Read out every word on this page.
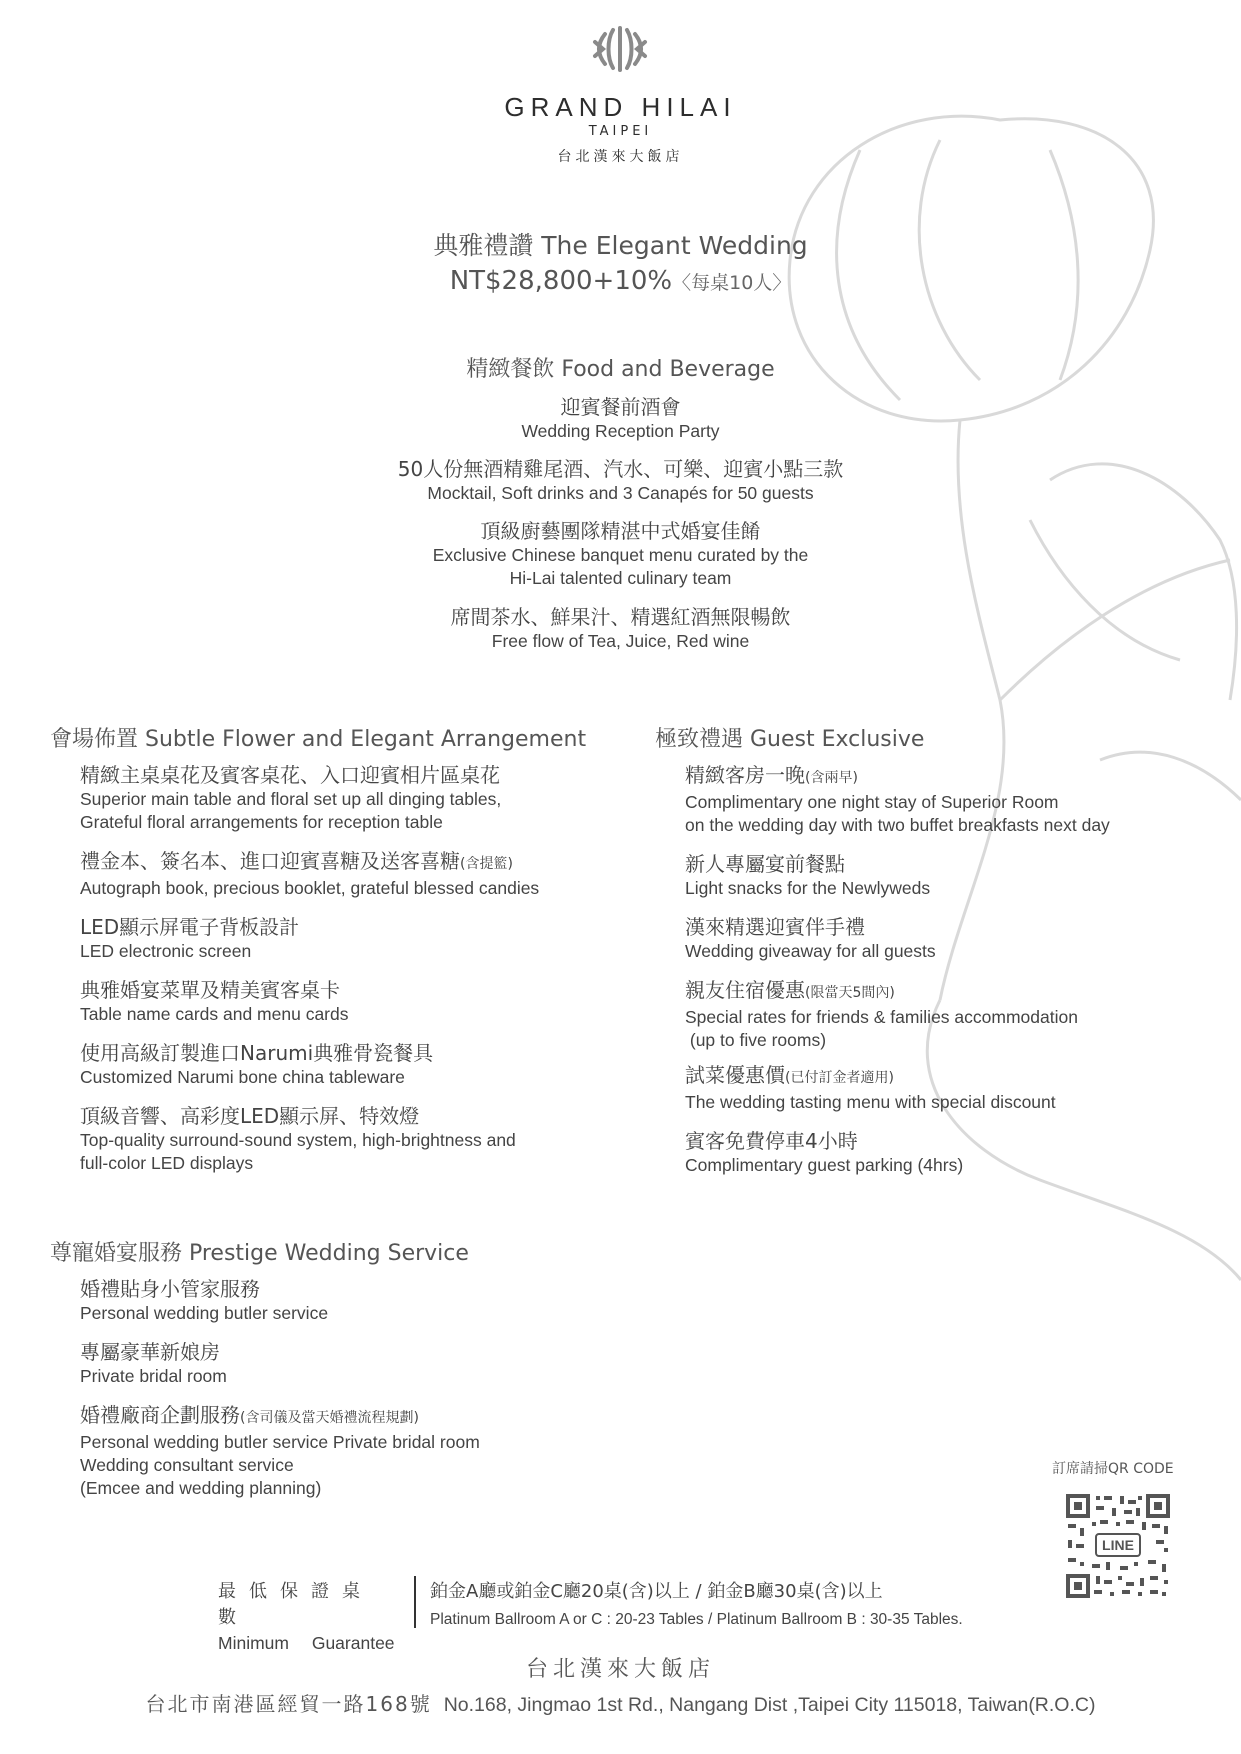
GRAND HILAI
TAIPEI
台北漢來大飯店
典雅禮讚 The Elegant Wedding
NT$28,800+10%〈每桌10人〉
精緻餐飲 Food and Beverage
迎賓餐前酒會
Wedding Reception Party
50人份無酒精雞尾酒、汽水、可樂、迎賓小點三款
Mocktail, Soft drinks and 3 Canapés for 50 guests
頂級廚藝團隊精湛中式婚宴佳餚
Exclusive Chinese banquet menu curated by the
Hi-Lai talented culinary team
席間茶水、鮮果汁、精選紅酒無限暢飲
Free flow of Tea, Juice, Red wine
會場佈置 Subtle Flower and Elegant Arrangement
精緻主桌桌花及賓客桌花、入口迎賓相片區桌花
Superior main table and floral set up all dinging tables,
Grateful floral arrangements for reception table
禮金本、簽名本、進口迎賓喜糖及送客喜糖(含提籃)
Autograph book, precious booklet, grateful blessed candies
LED顯示屏電子背板設計
LED electronic screen
典雅婚宴菜單及精美賓客桌卡
Table name cards and menu cards
使用高級訂製進口Narumi典雅骨瓷餐具
Customized Narumi bone china tableware
頂級音響、高彩度LED顯示屏、特效燈
Top-quality surround-sound system, high-brightness and
full-color LED displays
極致禮遇 Guest Exclusive
精緻客房一晚(含兩早)
Complimentary one night stay of Superior Room
on the wedding day with two buffet breakfasts next day
新人專屬宴前餐點
Light snacks for the Newlyweds
漢來精選迎賓伴手禮
Wedding giveaway for all guests
親友住宿優惠(限當天5間內)
Special rates for friends & families accommodation
(up to five rooms)
試菜優惠價(已付訂金者適用)
The wedding tasting menu with special discount
賓客免費停車4小時
Complimentary guest parking (4hrs)
尊寵婚宴服務 Prestige Wedding Service
婚禮貼身小管家服務
Personal wedding butler service
專屬豪華新娘房
Private bridal room
婚禮廠商企劃服務(含司儀及當天婚禮流程規劃)
Personal wedding butler service Private bridal room
Wedding consultant service
(Emcee and wedding planning)
訂席請掃QR CODE
LINE
最低保證桌數
Minimum Guarantee
鉑金A廳或鉑金C廳20桌(含)以上 / 鉑金B廳30桌(含)以上
Platinum Ballroom A or C : 20-23 Tables / Platinum Ballroom B : 30-35 Tables.
台北漢來大飯店
台北市南港區經貿一路168號 No.168, Jingmao 1st Rd., Nangang Dist ,Taipei City 115018, Taiwan(R.O.C)
